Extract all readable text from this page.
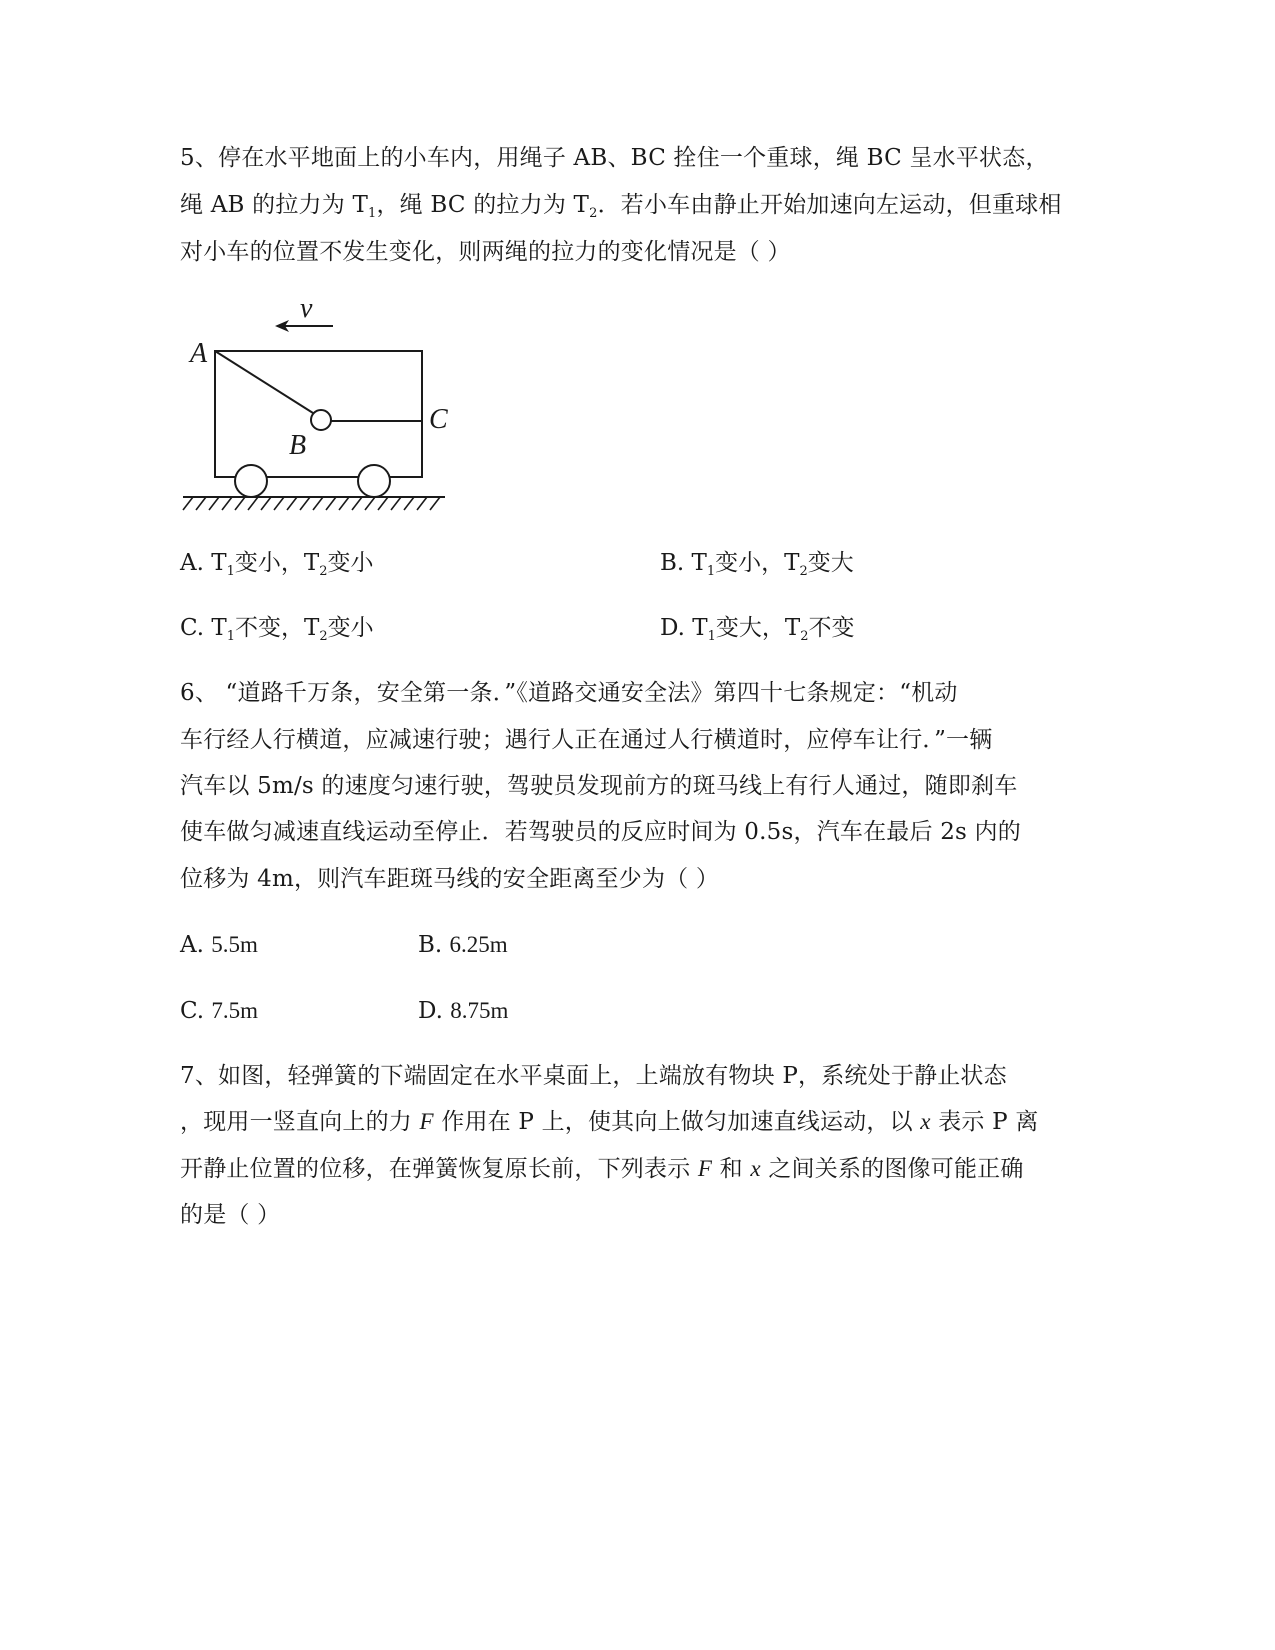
5、停在水平地面上的小车内，用绳子 AB、BC 拴住一个重球，绳 BC 呈水平状态，
绳 AB 的拉力为 $T_1$，绳 BC 的拉力为 $T_2$．若小车由静止开始加速向左运动，但重球相
对小车的位置不发生变化，则两绳的拉力的变化情况是（ ）
v
A
B
C
A. $T_1$变小，$T_2$变小	B. $T_1$变小，$T_2$变大
C. $T_1$不变，$T_2$变小	D. $T_1$变大，$T_2$不变
6、 “道路千万条，安全第一条．”《道路交通安全法》第四十七条规定：“机动
车行经人行横道，应减速行驶；遇行人正在通过人行横道时，应停车让行．”一辆
汽车以 5m/s 的速度匀速行驶，驾驶员发现前方的斑马线上有行人通过，随即刹车
使车做匀减速直线运动至停止．若驾驶员的反应时间为 0.5s，汽车在最后 2s 内的
位移为 4m，则汽车距斑马线的安全距离至少为（ ）
A. 5.5m	B. 6.25m
C. 7.5m	D. 8.75m
7、如图，轻弹簧的下端固定在水平桌面上，上端放有物块 P，系统处于静止状态
，现用一竖直向上的力 F 作用在 P 上，使其向上做匀加速直线运动，以 x 表示 P 离
开静止位置的位移，在弹簧恢复原长前，下列表示 F 和 x 之间关系的图像可能正确
的是（ ）
